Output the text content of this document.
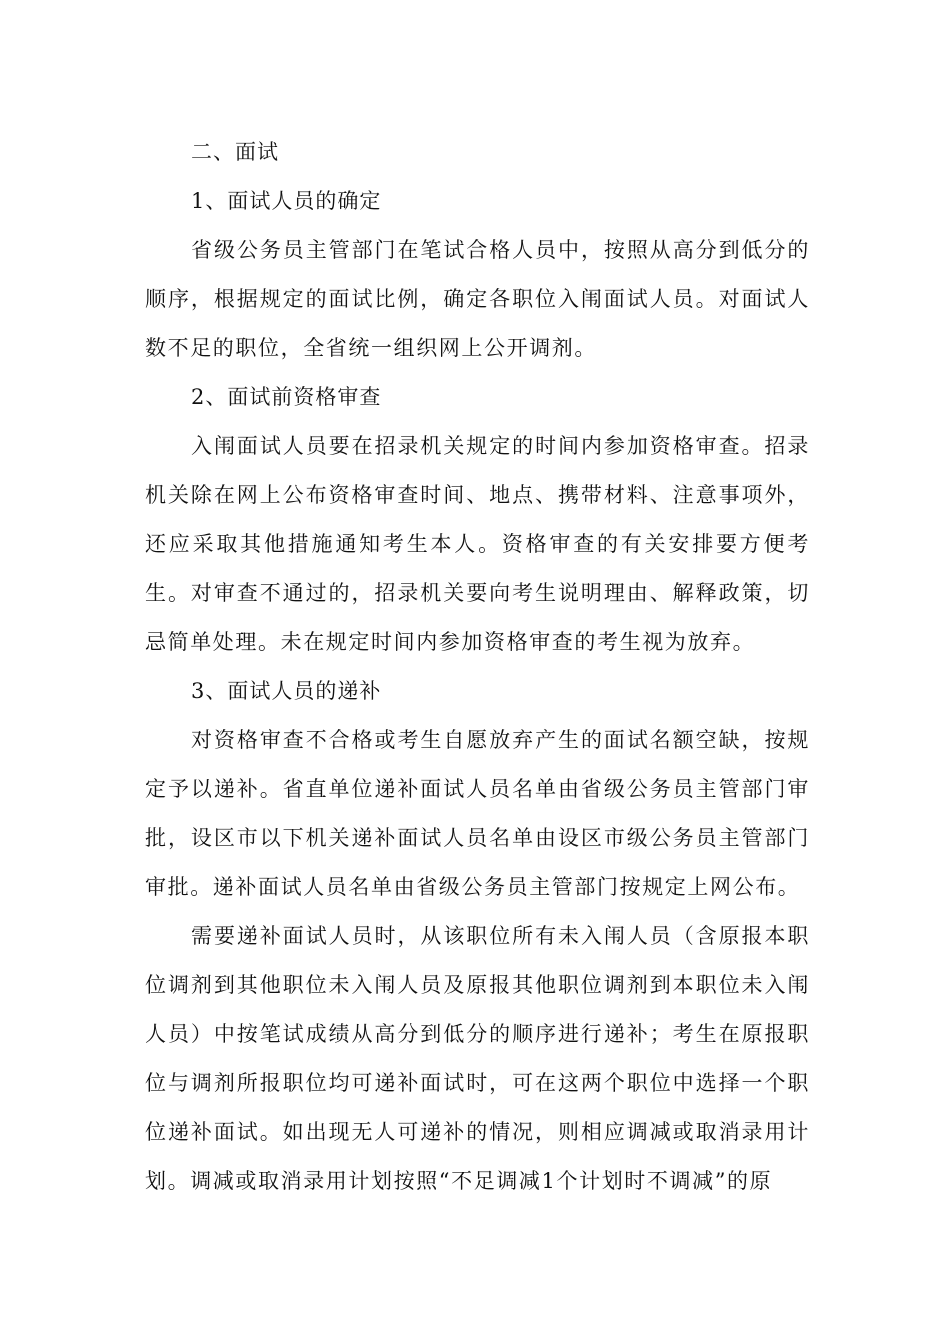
二、面试

1、面试人员的确定

省级公务员主管部门在笔试合格人员中，按照从高分到低分的顺序，根据规定的面试比例，确定各职位入闱面试人员。对面试人数不足的职位，全省统一组织网上公开调剂。

2、面试前资格审查

入闱面试人员要在招录机关规定的时间内参加资格审查。招录机关除在网上公布资格审查时间、地点、携带材料、注意事项外，还应采取其他措施通知考生本人。资格审查的有关安排要方便考生。对审查不通过的，招录机关要向考生说明理由、解释政策，切忌简单处理。未在规定时间内参加资格审查的考生视为放弃。

3、面试人员的递补

对资格审查不合格或考生自愿放弃产生的面试名额空缺，按规定予以递补。省直单位递补面试人员名单由省级公务员主管部门审批，设区市以下机关递补面试人员名单由设区市级公务员主管部门审批。递补面试人员名单由省级公务员主管部门按规定上网公布。

需要递补面试人员时，从该职位所有未入闱人员（含原报本职位调剂到其他职位未入闱人员及原报其他职位调剂到本职位未入闱人员）中按笔试成绩从高分到低分的顺序进行递补；考生在原报职位与调剂所报职位均可递补面试时，可在这两个职位中选择一个职位递补面试。如出现无人可递补的情况，则相应调减或取消录用计划。调减或取消录用计划按照“不足调减1个计划时不调减”的原
